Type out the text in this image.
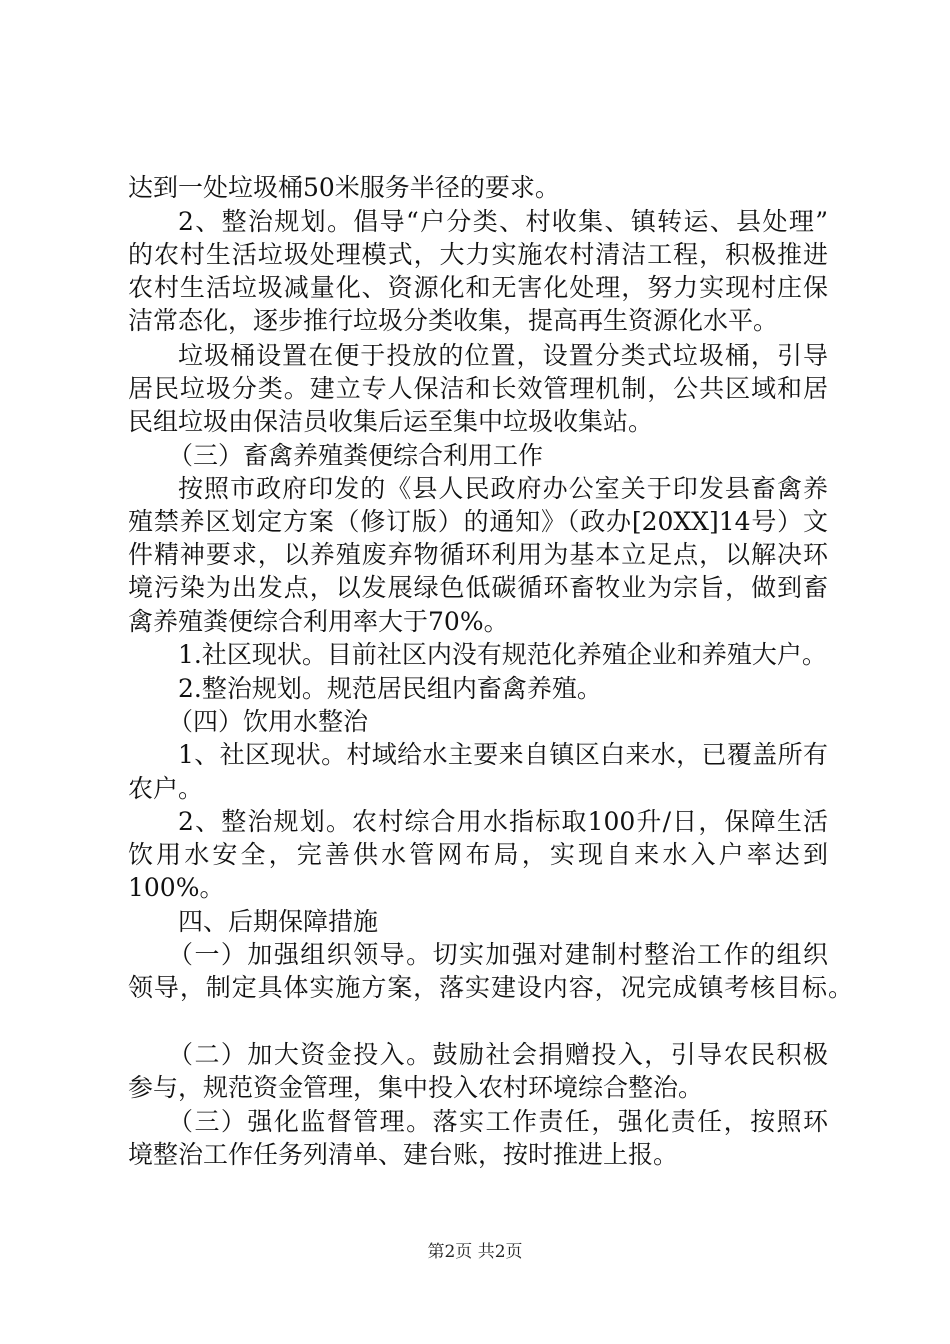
达到一处垃圾桶50米服务半径的要求。
2、整治规划。倡导“户分类、村收集、镇转运、县处理”
的农村生活垃圾处理模式，大力实施农村清洁工程，积极推进
农村生活垃圾减量化、资源化和无害化处理，努力实现村庄保
洁常态化，逐步推行垃圾分类收集，提高再生资源化水平。
垃圾桶设置在便于投放的位置，设置分类式垃圾桶，引导
居民垃圾分类。建立专人保洁和长效管理机制，公共区域和居
民组垃圾由保洁员收集后运至集中垃圾收集站。
（三）畜禽养殖粪便综合利用工作
按照市政府印发的《县人民政府办公室关于印发县畜禽养
殖禁养区划定方案（修订版）的通知》（政办[20XX]14号）文
件精神要求，以养殖废弃物循环利用为基本立足点，以解决环
境污染为出发点，以发展绿色低碳循环畜牧业为宗旨，做到畜
禽养殖粪便综合利用率大于70%。
1.社区现状。目前社区内没有规范化养殖企业和养殖大户。
2.整治规划。规范居民组内畜禽养殖。
（四）饮用水整治
1、社区现状。村域给水主要来自镇区白来水，已覆盖所有
农户。
2、整治规划。农村综合用水指标取100升/日，保障生活
饮用水安全，完善供水管网布局，实现自来水入户率达到
100%。
四、后期保障措施
（一）加强组织领导。切实加强对建制村整治工作的组织
领导，制定具体实施方案，落实建设内容，况完成镇考核目标。
（二）加大资金投入。鼓励社会捐赠投入，引导农民积极
参与，规范资金管理，集中投入农村环境综合整治。
（三）强化监督管理。落实工作责任，强化责任，按照环
境整治工作任务列清单、建台账，按时推进上报。
第2页 共2页
